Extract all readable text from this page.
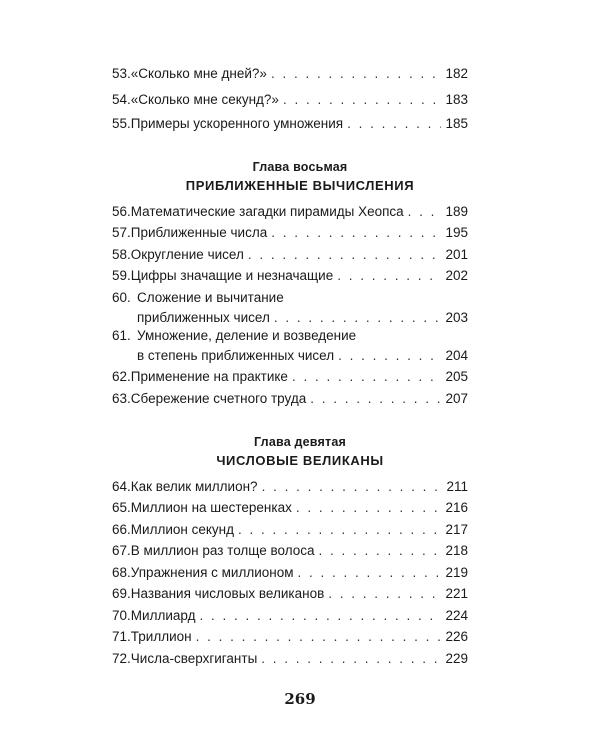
53. «Сколько мне дней?» . . .	182
54. «Сколько мне секунд?» . . .	183
55. Примеры ускоренного умножения . . .	185
Глава восьмая
ПРИБЛИЖЕННЫЕ ВЫЧИСЛЕНИЯ
56. Математические загадки пирамиды Хеопса . . .	189
57. Приближенные числа . . .	195
58. Округление чисел . . .	201
59. Цифры значащие и незначащие . . .	202
60. Сложение и вычитание
приближенных чисел . . .	203
61. Умножение, деление и возведение
в степень приближенных чисел . . .	204
62. Применение на практике . . .	205
63. Сбережение счетного труда . . .	207
Глава девятая
ЧИСЛОВЫЕ ВЕЛИКАНЫ
64. Как велик миллион? . . .	211
65. Миллион на шестеренках . . .	216
66. Миллион секунд . . .	217
67. В миллион раз толще волоса . . .	218
68. Упражнения с миллионом . . .	219
69. Названия числовых великанов . . .	221
70. Миллиард . . .	224
71. Триллион . . .	226
72. Числа-сверхгиганты . . .	229
269
